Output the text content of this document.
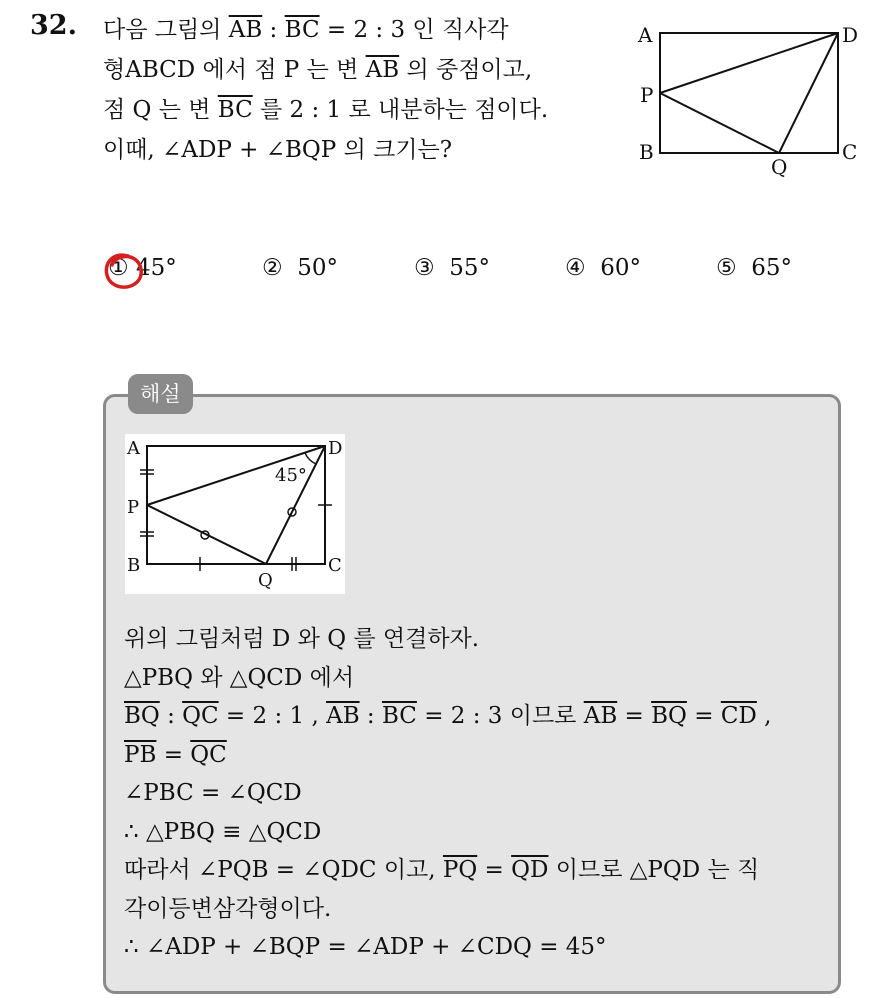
32. 다음 그림의 $\overline{AB}$ : $\overline{BC} = 2$ : 3 인 직사각
형ABCD 에서 점 P 는 변 $\overline{AB}$ 의 중점이고,
점 Q 는 변 $\overline{BC}$ 를 2 : 1 로 내분하는 점이다.
이때, ∠ADP + ∠BQP 의 크기는?
A	D
P
B	C
Q
① 45°	② 50°	③ 55°	④ 60°	⑤ 65°
해설
A	D
P
B	C
Q
45°
위의 그림처럼 D 와 Q 를 연결하자.
△PBQ 와 △QCD 에서
$\overline{BQ}$ : $\overline{QC} = 2$ : 1 , $\overline{AB}$ : $\overline{BC} = 2$ : 3 이므로 $\overline{AB} = \overline{BQ} = \overline{CD}$ ,
$\overline{PB} = \overline{QC}$
∠PBC = ∠QCD
∴ △PBQ ≡ △QCD
따라서 ∠PQB = ∠QDC 이고, $\overline{PQ} = \overline{QD}$ 이므로 △PQD 는 직
각이등변삼각형이다.
∴ ∠ADP + ∠BQP = ∠ADP + ∠CDQ = 45°
